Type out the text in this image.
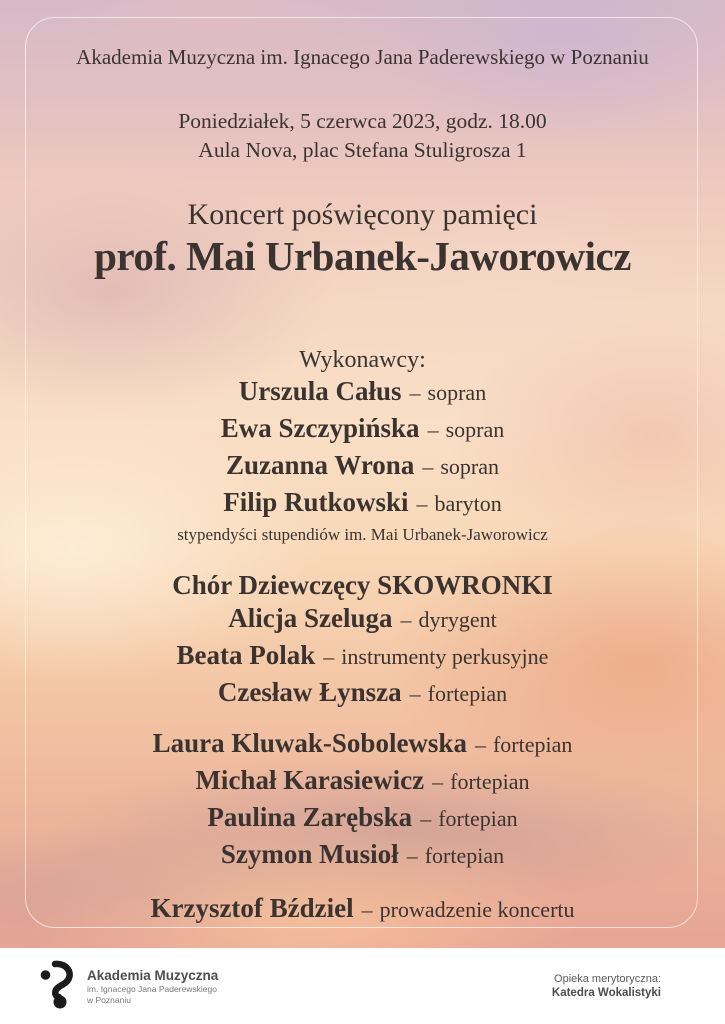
Akademia Muzyczna im. Ignacego Jana Paderewskiego w Poznaniu
Poniedziałek, 5 czerwca 2023, godz. 18.00
Aula Nova, plac Stefana Stuligrosza 1
Koncert poświęcony pamięci
prof. Mai Urbanek-Jaworowicz
Wykonawcy:
Urszula Całus – sopran
Ewa Szczypińska – sopran
Zuzanna Wrona – sopran
Filip Rutkowski – baryton
stypendyści stupendiów im. Mai Urbanek-Jaworowicz
Chór Dziewczęcy SKOWRONKI
Alicja Szeluga – dyrygent
Beata Polak – instrumenty perkusyjne
Czesław Łynsza – fortepian
Laura Kluwak-Sobolewska – fortepian
Michał Karasiewicz – fortepian
Paulina Zarębska – fortepian
Szymon Musioł – fortepian
Krzysztof Bździel – prowadzenie koncertu
Akademia Muzyczna
im. Ignacego Jana Paderewskiego
w Poznaniu
Opieka merytoryczna:
Katedra Wokalistyki
